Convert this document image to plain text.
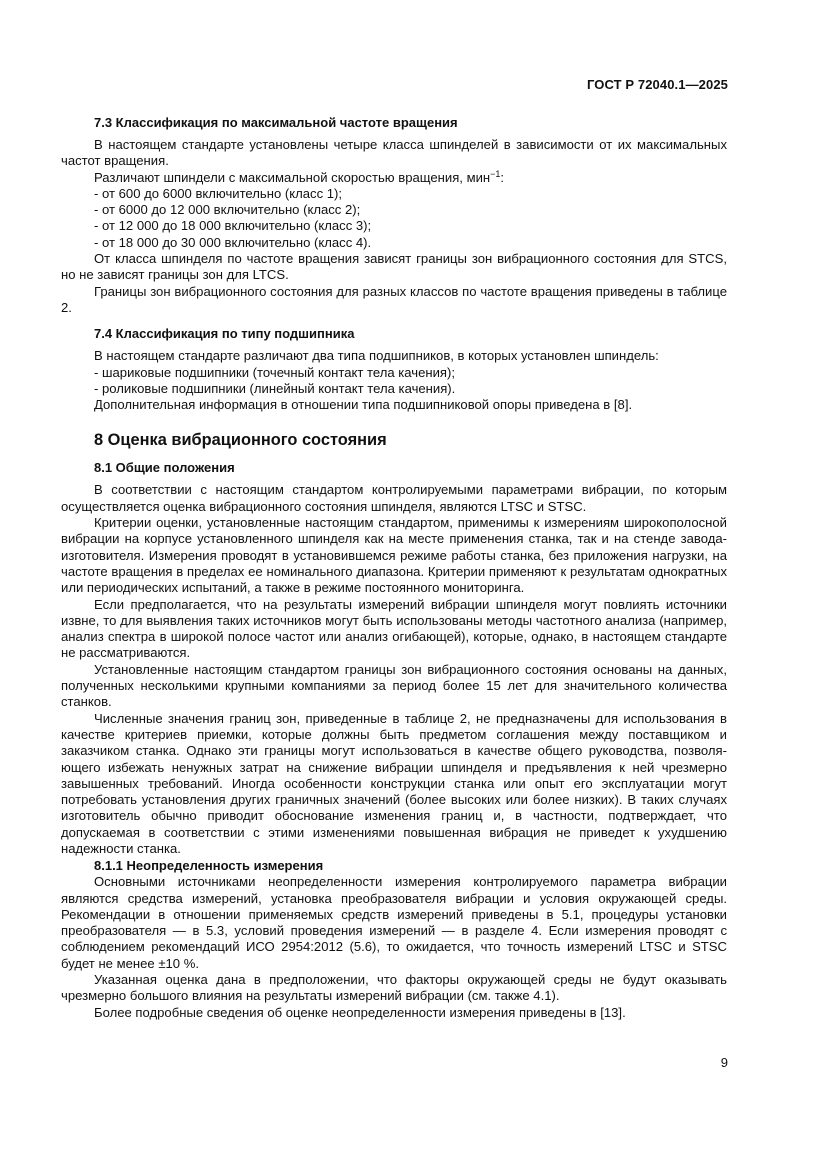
ГОСТ Р 72040.1—2025
7.3 Классификация по максимальной частоте вращения

В настоящем стандарте установлены четыре класса шпинделей в зависимости от их максимальных частот вращения.

Различают шпиндели с максимальной скоростью вращения, мин$^{-1}$:

- от 600 до 6000 включительно (класс 1);

- от 6000 до 12 000 включительно (класс 2);

- от 12 000 до 18 000 включительно (класс 3);

- от 18 000 до 30 000 включительно (класс 4).

От класса шпинделя по частоте вращения зависят границы зон вибрационного состояния для STCS, но не зависят границы зон для LTCS.

Границы зон вибрационного состояния для разных классов по частоте вращения приведены в таблице 2.

7.4 Классификация по типу подшипника

В настоящем стандарте различают два типа подшипников, в которых установлен шпиндель:

- шариковые подшипники (точечный контакт тела качения);

- роликовые подшипники (линейный контакт тела качения).

Дополнительная информация в отношении типа подшипниковой опоры приведена в [8].

8 Оценка вибрационного состояния
8.1 Общие положения

В соответствии с настоящим стандартом контролируемыми параметрами вибрации, по которым осуществляется оценка вибрационного состояния шпинделя, являются LTSC и STSC.

Критерии оценки, установленные настоящим стандартом, применимы к измерениям широкополосной вибрации на корпусе установленного шпинделя как на месте применения станка, так и на стенде завода-изготовителя. Измерения проводят в установившемся режиме работы станка, без приложения нагрузки, на частоте вращения в пределах ее номинального диапазона. Критерии применяют к результатам однократных или периодических испытаний, а также в режиме постоянного мониторинга.

Если предполагается, что на результаты измерений вибрации шпинделя могут повлиять источники извне, то для выявления таких источников могут быть использованы методы частотного анализа (например, анализ спектра в широкой полосе частот или анализ огибающей), которые, однако, в настоящем стандарте не рассматриваются.

Установленные настоящим стандартом границы зон вибрационного состояния основаны на данных, полученных несколькими крупными компаниями за период более 15 лет для значительного количества станков.

Численные значения границ зон, приведенные в таблице 2, не предназначены для использования в качестве критериев приемки, которые должны быть предметом соглашения между поставщиком и заказчиком станка. Однако эти границы могут использоваться в качестве общего руководства, позволяющего избежать ненужных затрат на снижение вибрации шпинделя и предъявления к ней чрезмерно завышенных требований. Иногда особенности конструкции станка или опыт его эксплуатации могут потребовать установления других граничных значений (более высоких или более низких). В таких случаях изготовитель обычно приводит обоснование изменения границ и, в частности, подтверждает, что допускаемая в соответствии с этими изменениями повышенная вибрация не приведет к ухудшению надежности станка.

8.1.1 Неопределенность измерения

Основными источниками неопределенности измерения контролируемого параметра вибрации являются средства измерений, установка преобразователя вибрации и условия окружающей среды. Рекомендации в отношении применяемых средств измерений приведены в 5.1, процедуры установки преобразователя — в 5.3, условий проведения измерений — в разделе 4. Если измерения проводят с соблюдением рекомендаций ИСО 2954:2012 (5.6), то ожидается, что точность измерений LTSC и STSC будет не менее ±10 %.

Указанная оценка дана в предположении, что факторы окружающей среды не будут оказывать чрезмерно большого влияния на результаты измерений вибрации (см. также 4.1).

Более подробные сведения об оценке неопределенности измерения приведены в [13].

9
